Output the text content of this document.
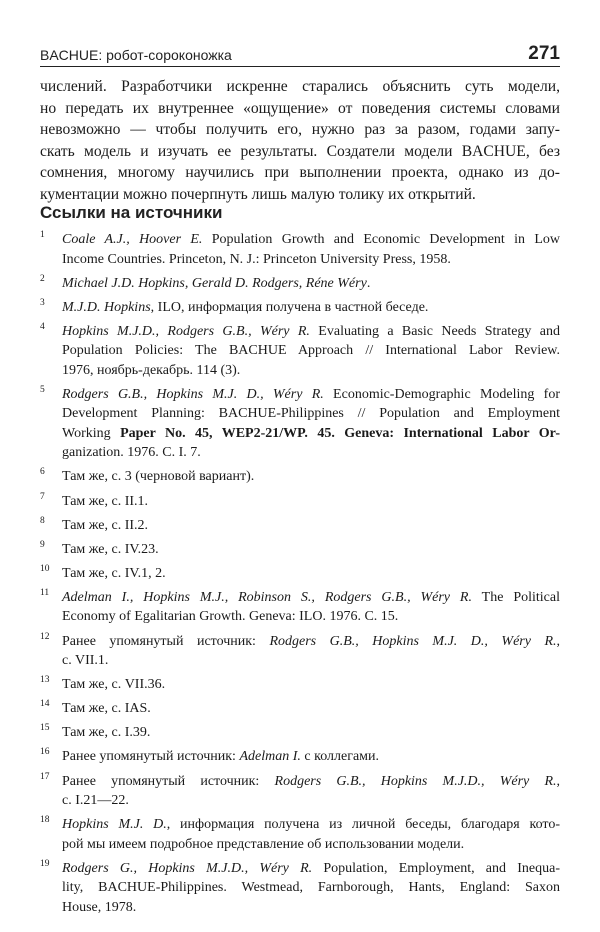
BACHUE: робот-сороконожка	271
числений. Разработчики искренне старались объяснить суть модели,
но передать их внутреннее «ощущение» от поведения системы словами
невозможно — чтобы получить его, нужно раз за разом, годами запу-
скать модель и изучать ее результаты. Создатели модели BACHUE, без
сомнения, многому научились при выполнении проекта, однако из до-
кументации можно почерпнуть лишь малую толику их открытий.
Ссылки на источники
1 Coale A.J., Hoover E. Population Growth and Economic Development in Low
Income Countries. Princeton, N. J.: Princeton University Press, 1958.
2 Michael J.D. Hopkins, Gerald D. Rodgers, Réne Wéry.
3 M.J.D. Hopkins, ILO, информация получена в частной беседе.
4 Hopkins M.J.D., Rodgers G.B., Wéry R. Evaluating a Basic Needs Strategy and
Population Policies: The BACHUE Approach // International Labor Review.
1976, ноябрь-декабрь. 114 (3).
5 Rodgers G.B., Hopkins M.J. D., Wéry R. Economic-Demographic Modeling for
Development Planning: BACHUE-Philippines // Population and Employment
Working Paper No. 45, WEP2-21/WP. 45. Geneva: International Labor Or-
ganization. 1976. C. I. 7.
6 Там же, с. 3 (черновой вариант).
7 Там же, с. II.1.
8 Там же, с. II.2.
9 Там же, с. IV.23.
10 Там же, с. IV.1, 2.
11 Adelman I., Hopkins M.J., Robinson S., Rodgers G.B., Wéry R. The Political
Economy of Egalitarian Growth. Geneva: ILO. 1976. C. 15.
12 Ранее упомянутый источник: Rodgers G.B., Hopkins M.J. D., Wéry R.,
c. VII.1.
13 Там же, с. VII.36.
14 Там же, с. IAS.
15 Там же, с. I.39.
16 Ранее упомянутый источник: Adelman I. с коллегами.
17 Ранее упомянутый источник: Rodgers G.B., Hopkins M.J.D., Wéry R.,
c. I.21—22.
18 Hopkins M.J. D., информация получена из личной беседы, благодаря кото-
рой мы имеем подробное представление об использовании модели.
19 Rodgers G., Hopkins M.J.D., Wéry R. Population, Employment, and Inequa-
lity, BACHUE-Philippines. Westmead, Farnborough, Hants, England: Saxon
House, 1978.
